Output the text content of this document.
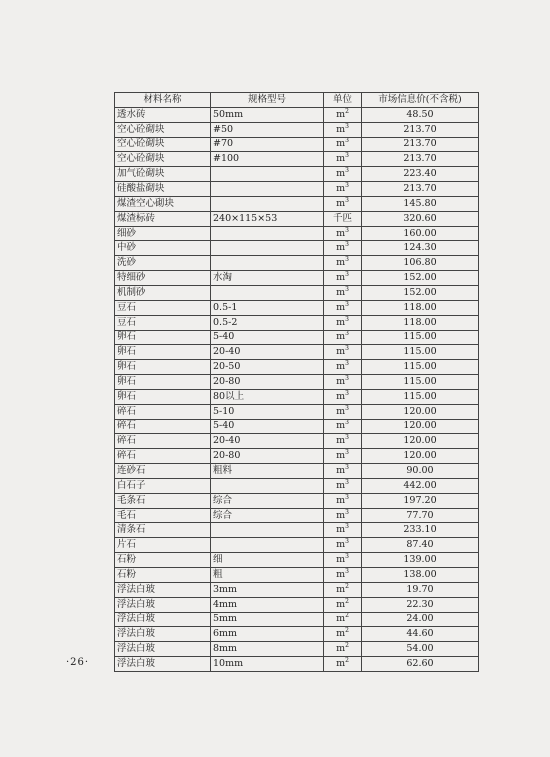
材料名称	规格型号	单位	市场信息价(不含税)
透水砖	50mm	$m^2$	48.50
空心砼砌块	#50	$m^3$	213.70
空心砼砌块	#70	$m^3$	213.70
空心砼砌块	#100	$m^3$	213.70
加气砼砌块		$m^3$	223.40
硅酸盐砌块		$m^3$	213.70
煤渣空心砌块		$m^3$	145.80
煤渣标砖	240×115×53	千匹	320.60
细砂		$m^3$	160.00
中砂		$m^3$	124.30
洗砂		$m^3$	106.80
特细砂	水淘	$m^3$	152.00
机制砂		$m^3$	152.00
豆石	0.5-1	$m^3$	118.00
豆石	0.5-2	$m^3$	118.00
卵石	5-40	$m^3$	115.00
卵石	20-40	$m^3$	115.00
卵石	20-50	$m^3$	115.00
卵石	20-80	$m^3$	115.00
卵石	80以上	$m^3$	115.00
碎石	5-10	$m^3$	120.00
碎石	5-40	$m^3$	120.00
碎石	20-40	$m^3$	120.00
碎石	20-80	$m^3$	120.00
连砂石	粗料	$m^3$	90.00
白石子		$m^3$	442.00
毛条石	综合	$m^3$	197.20
毛石	综合	$m^3$	77.70
清条石		$m^3$	233.10
片石		$m^3$	87.40
石粉	细	$m^3$	139.00
石粉	粗	$m^3$	138.00
浮法白玻	3mm	$m^2$	19.70
浮法白玻	4mm	$m^2$	22.30
浮法白玻	5mm	$m^2$	24.00
浮法白玻	6mm	$m^2$	44.60
浮法白玻	8mm	$m^2$	54.00
浮法白玻	10mm	$m^2$	62.60
·26·
